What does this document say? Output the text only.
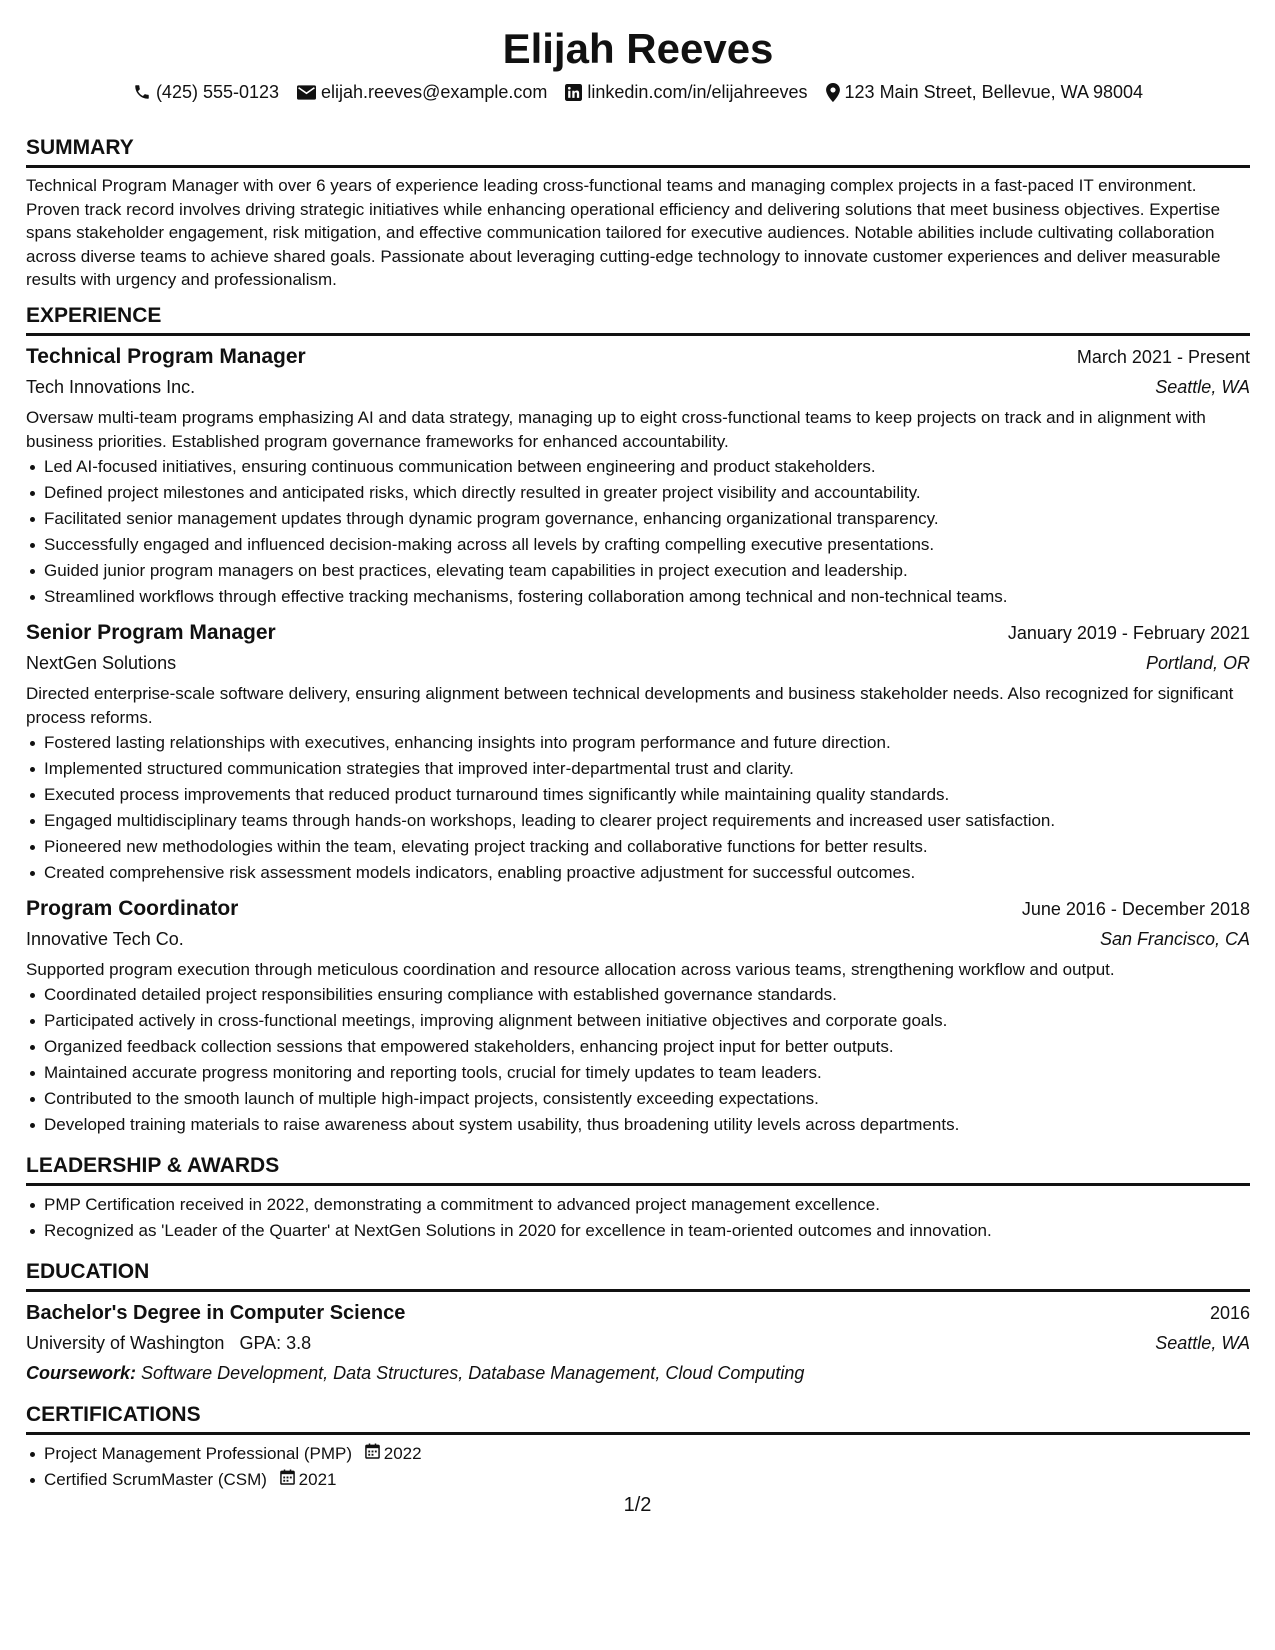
Elijah Reeves
(425) 555-0123 elijah.reeves@example.com linkedin.com/in/elijahreeves 123 Main Street, Bellevue, WA 98004
SUMMARY
Technical Program Manager with over 6 years of experience leading cross-functional teams and managing complex projects in a fast-paced IT environment. Proven track record involves driving strategic initiatives while enhancing operational efficiency and delivering solutions that meet business objectives. Expertise spans stakeholder engagement, risk mitigation, and effective communication tailored for executive audiences. Notable abilities include cultivating collaboration across diverse teams to achieve shared goals. Passionate about leveraging cutting-edge technology to innovate customer experiences and deliver measurable results with urgency and professionalism.
EXPERIENCE
Technical Program Manager	March 2021 - Present
Tech Innovations Inc.	Seattle, WA
Oversaw multi-team programs emphasizing AI and data strategy, managing up to eight cross-functional teams to keep projects on track and in alignment with business priorities. Established program governance frameworks for enhanced accountability.
Led AI-focused initiatives, ensuring continuous communication between engineering and product stakeholders.
Defined project milestones and anticipated risks, which directly resulted in greater project visibility and accountability.
Facilitated senior management updates through dynamic program governance, enhancing organizational transparency.
Successfully engaged and influenced decision-making across all levels by crafting compelling executive presentations.
Guided junior program managers on best practices, elevating team capabilities in project execution and leadership.
Streamlined workflows through effective tracking mechanisms, fostering collaboration among technical and non-technical teams.
Senior Program Manager	January 2019 - February 2021
NextGen Solutions	Portland, OR
Directed enterprise-scale software delivery, ensuring alignment between technical developments and business stakeholder needs. Also recognized for significant process reforms.
Fostered lasting relationships with executives, enhancing insights into program performance and future direction.
Implemented structured communication strategies that improved inter-departmental trust and clarity.
Executed process improvements that reduced product turnaround times significantly while maintaining quality standards.
Engaged multidisciplinary teams through hands-on workshops, leading to clearer project requirements and increased user satisfaction.
Pioneered new methodologies within the team, elevating project tracking and collaborative functions for better results.
Created comprehensive risk assessment models indicators, enabling proactive adjustment for successful outcomes.
Program Coordinator	June 2016 - December 2018
Innovative Tech Co.	San Francisco, CA
Supported program execution through meticulous coordination and resource allocation across various teams, strengthening workflow and output.
Coordinated detailed project responsibilities ensuring compliance with established governance standards.
Participated actively in cross-functional meetings, improving alignment between initiative objectives and corporate goals.
Organized feedback collection sessions that empowered stakeholders, enhancing project input for better outputs.
Maintained accurate progress monitoring and reporting tools, crucial for timely updates to team leaders.
Contributed to the smooth launch of multiple high-impact projects, consistently exceeding expectations.
Developed training materials to raise awareness about system usability, thus broadening utility levels across departments.
LEADERSHIP & AWARDS
PMP Certification received in 2022, demonstrating a commitment to advanced project management excellence.
Recognized as 'Leader of the Quarter' at NextGen Solutions in 2020 for excellence in team-oriented outcomes and innovation.
EDUCATION
Bachelor's Degree in Computer Science	2016
University of Washington GPA: 3.8	Seattle, WA
Coursework: Software Development, Data Structures, Database Management, Cloud Computing
CERTIFICATIONS
Project Management Professional (PMP) 2022
Certified ScrumMaster (CSM) 2021
1/2
